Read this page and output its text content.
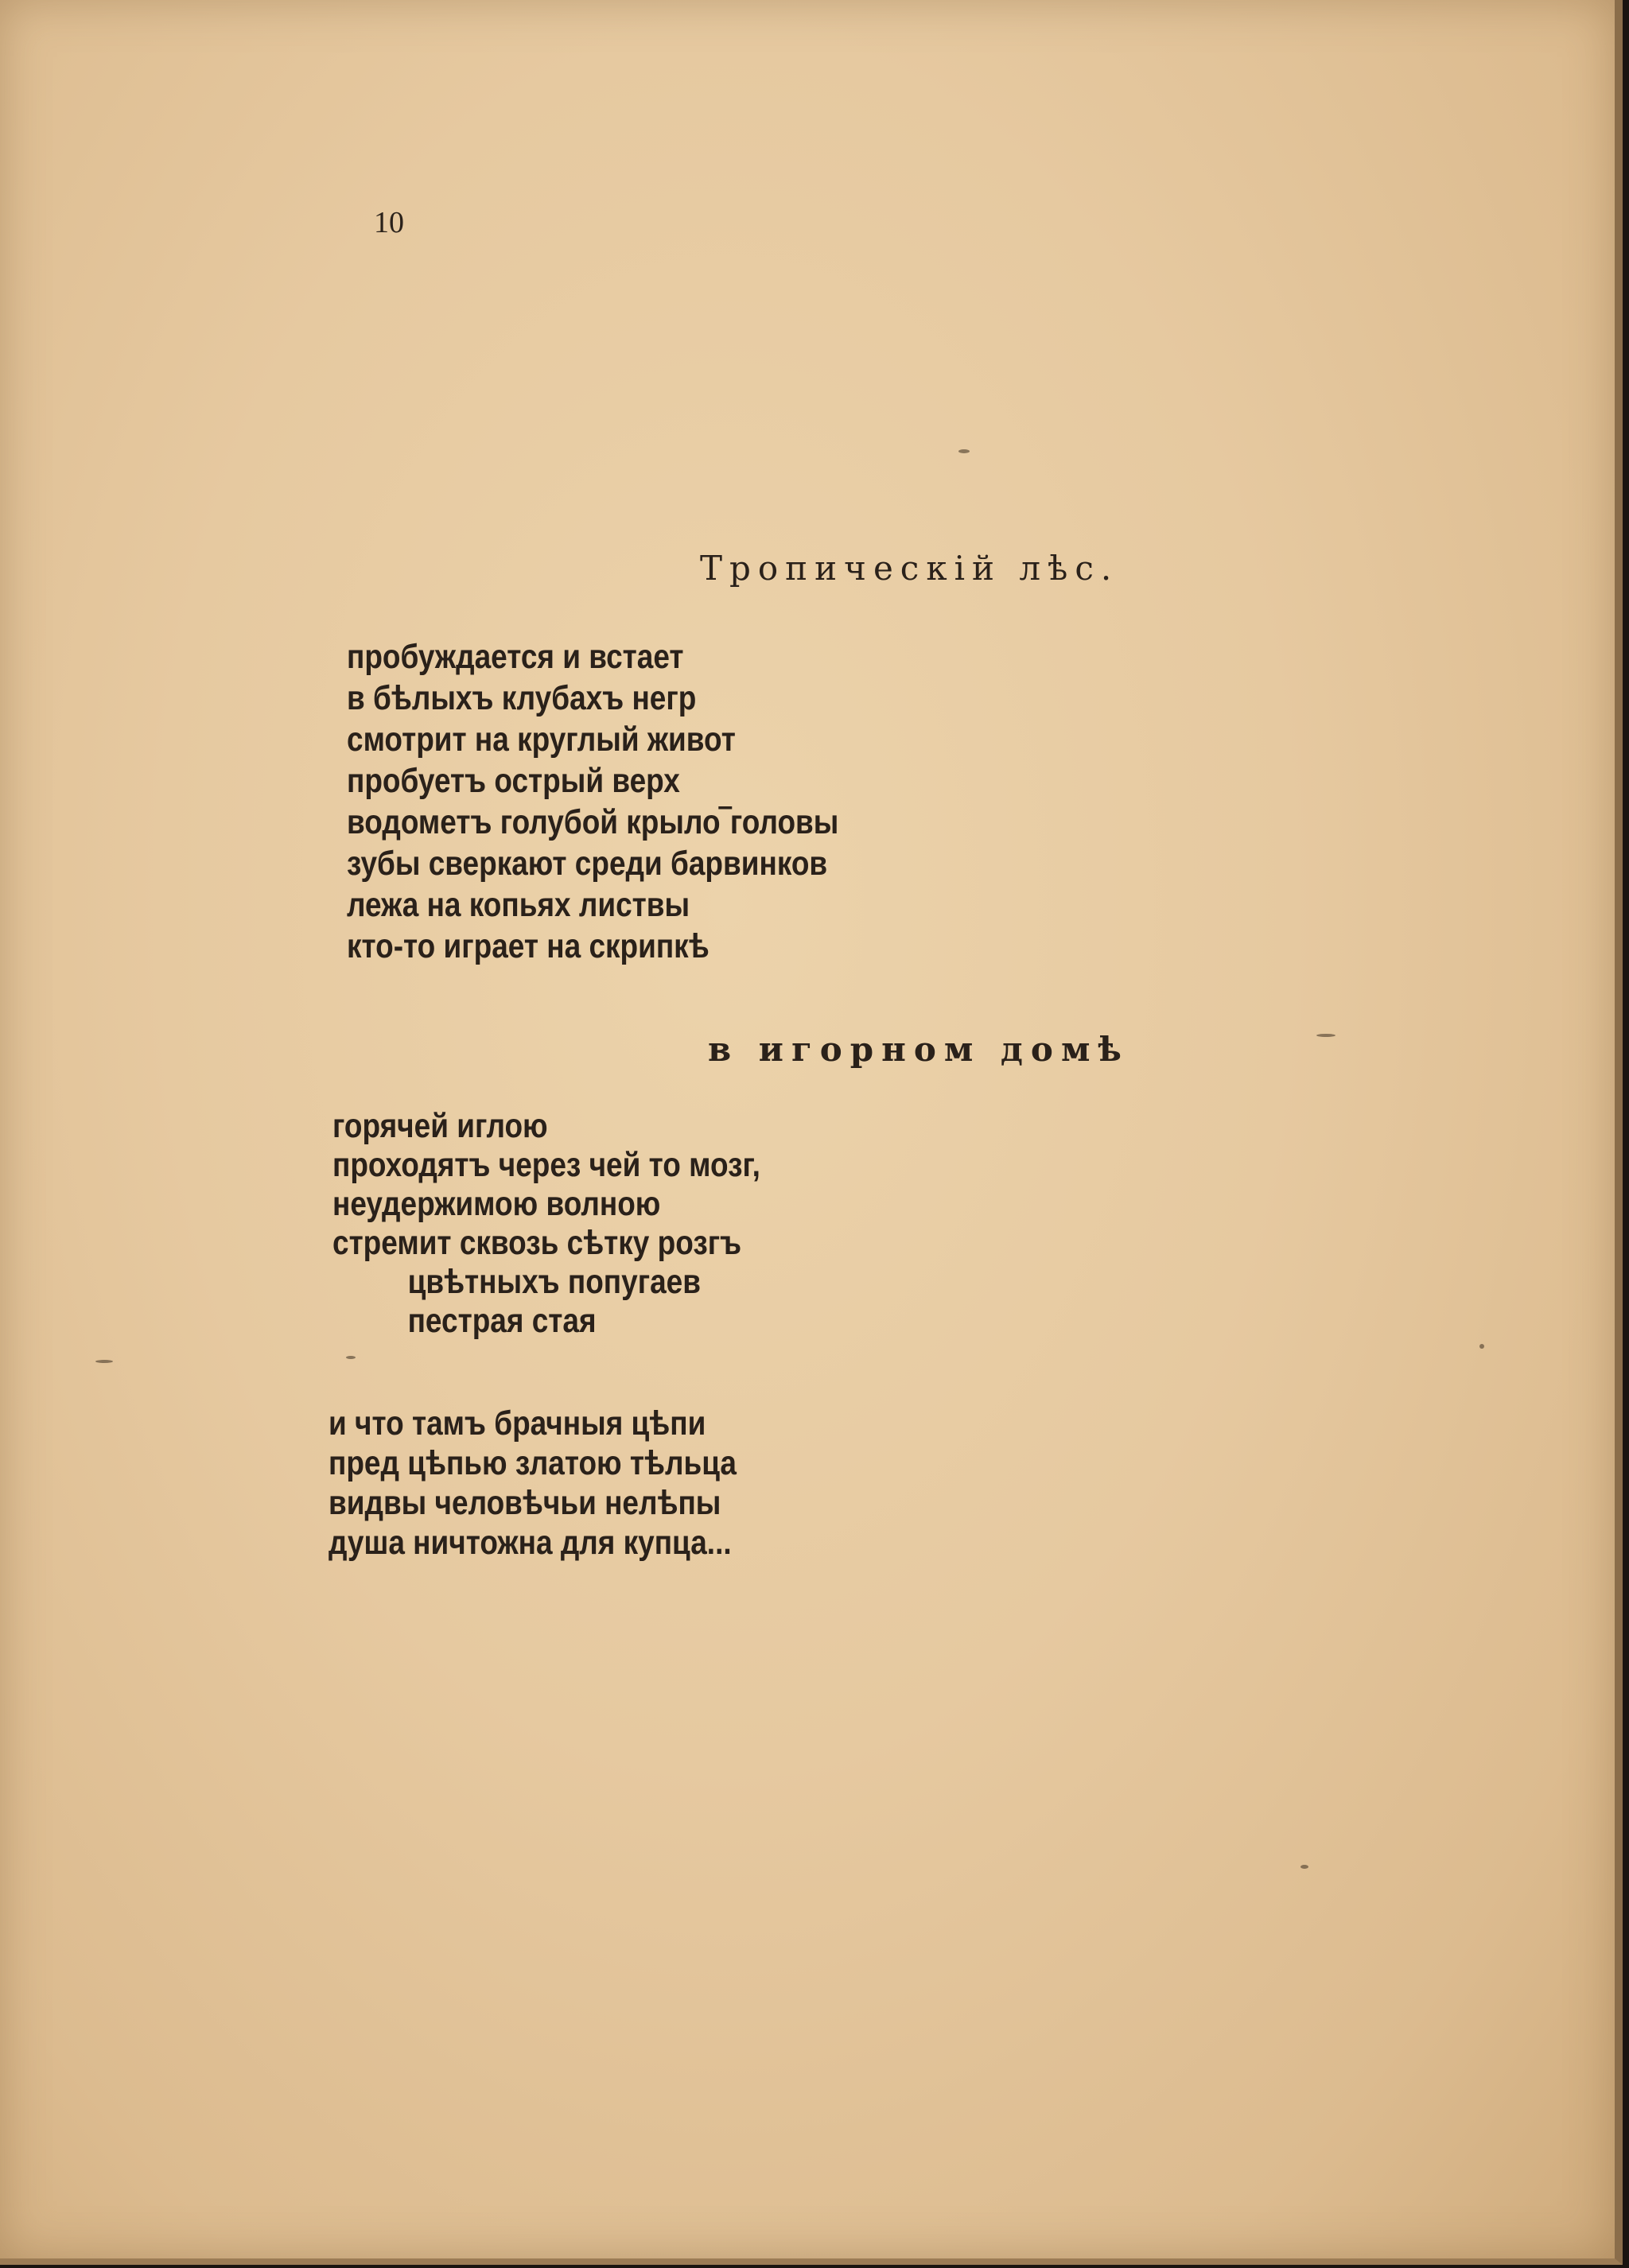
10
Тропическій лѣс.
пробуждается и встает
в бѣлыхъ клубахъ негр
смотрит на круглый живот
пробуетъ острый верх
водометъ голубой крыло‾головы
зубы сверкают среди барвинков
лежа на копьях листвы
кто-то играет на скрипкѣ
в игорном домѣ
горячей иглою
проходятъ через чей то мозг,
неудержимою волною
стремит сквозь сѣтку розгъ
цвѣтныхъ попугаев
пестрая стая
и что тамъ брачныя цѣпи
пред цѣпью златою тѣльца
видвы человѣчьи нелѣпы
душа ничтожна для купца...
